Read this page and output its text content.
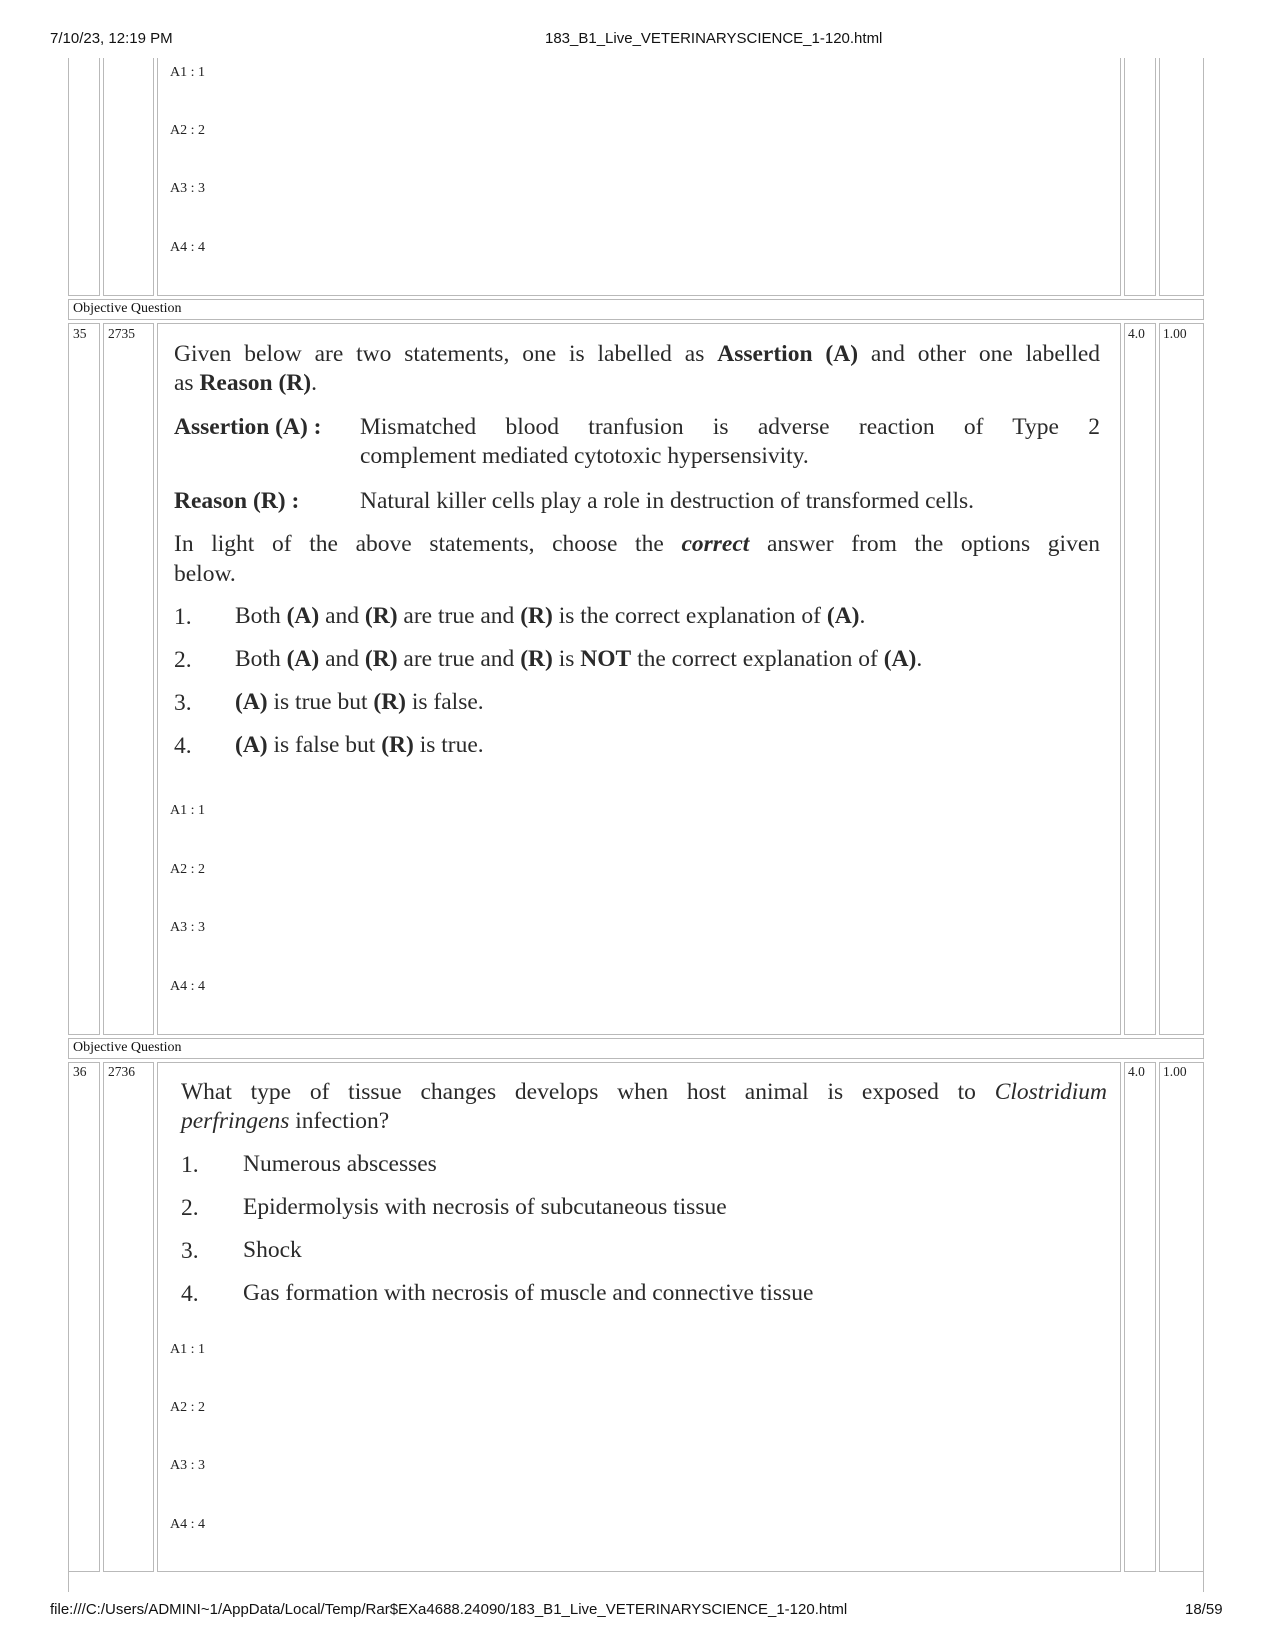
7/10/23, 12:19 PM	183_B1_Live_VETERINARYSCIENCE_1-120.html
A1 : 1
A2 : 2
A3 : 3
A4 : 4
Objective Question
35 2735	4.0 1.00
Given below are two statements, one is labelled as Assertion (A) and other one labelled
as Reason (R).
Assertion (A) : Mismatched blood tranfusion is adverse reaction of Type 2
complement mediated cytotoxic hypersensivity.
Reason (R) :	Natural killer cells play a role in destruction of transformed cells.
In light of the above statements, choose the correct answer from the options given
below.
1. Both (A) and (R) are true and (R) is the correct explanation of (A).
2. Both (A) and (R) are true and (R) is NOT the correct explanation of (A).
3. (A) is true but (R) is false.
4. (A) is false but (R) is true.
A1 : 1
A2 : 2
A3 : 3
A4 : 4
Objective Question
36 2736	4.0 1.00
What type of tissue changes develops when host animal is exposed to Clostridium
perfringens infection?
1. Numerous abscesses
2. Epidermolysis with necrosis of subcutaneous tissue
3. Shock
4. Gas formation with necrosis of muscle and connective tissue
A1 : 1
A2 : 2
A3 : 3
A4 : 4
file:///C:/Users/ADMINI~1/AppData/Local/Temp/Rar$EXa4688.24090/183_B1_Live_VETERINARYSCIENCE_1-120.html	18/59
